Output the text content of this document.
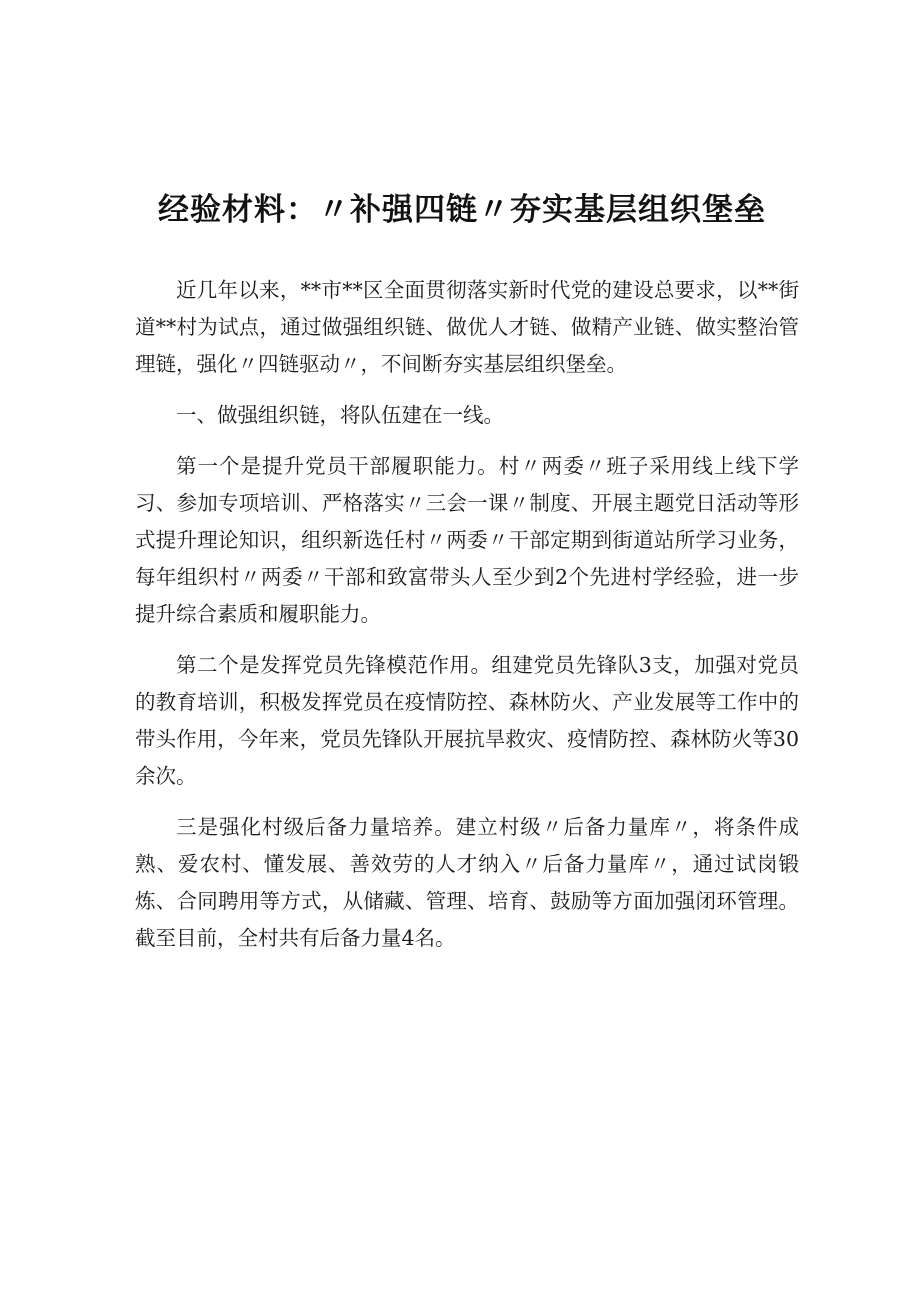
经验材料：〃补强四链〃夯实基层组织堡垒

近几年以来，**市**区全面贯彻落实新时代党的建设总要求，以**街道**村为试点，通过做强组织链、做优人才链、做精产业链、做实整治管理链，强化〃四链驱动〃，不间断夯实基层组织堡垒。

一、做强组织链，将队伍建在一线。

第一个是提升党员干部履职能力。村〃两委〃班子采用线上线下学习、参加专项培训、严格落实〃三会一课〃制度、开展主题党日活动等形式提升理论知识，组织新选任村〃两委〃干部定期到街道站所学习业务，每年组织村〃两委〃干部和致富带头人至少到2个先进村学经验，进一步提升综合素质和履职能力。

第二个是发挥党员先锋模范作用。组建党员先锋队3支，加强对党员的教育培训，积极发挥党员在疫情防控、森林防火、产业发展等工作中的带头作用，今年来，党员先锋队开展抗旱救灾、疫情防控、森林防火等30余次。

三是强化村级后备力量培养。建立村级〃后备力量库〃，将条件成熟、爱农村、懂发展、善效劳的人才纳入〃后备力量库〃，通过试岗锻炼、合同聘用等方式，从储藏、管理、培育、鼓励等方面加强闭环管理。截至目前，全村共有后备力量4名。
